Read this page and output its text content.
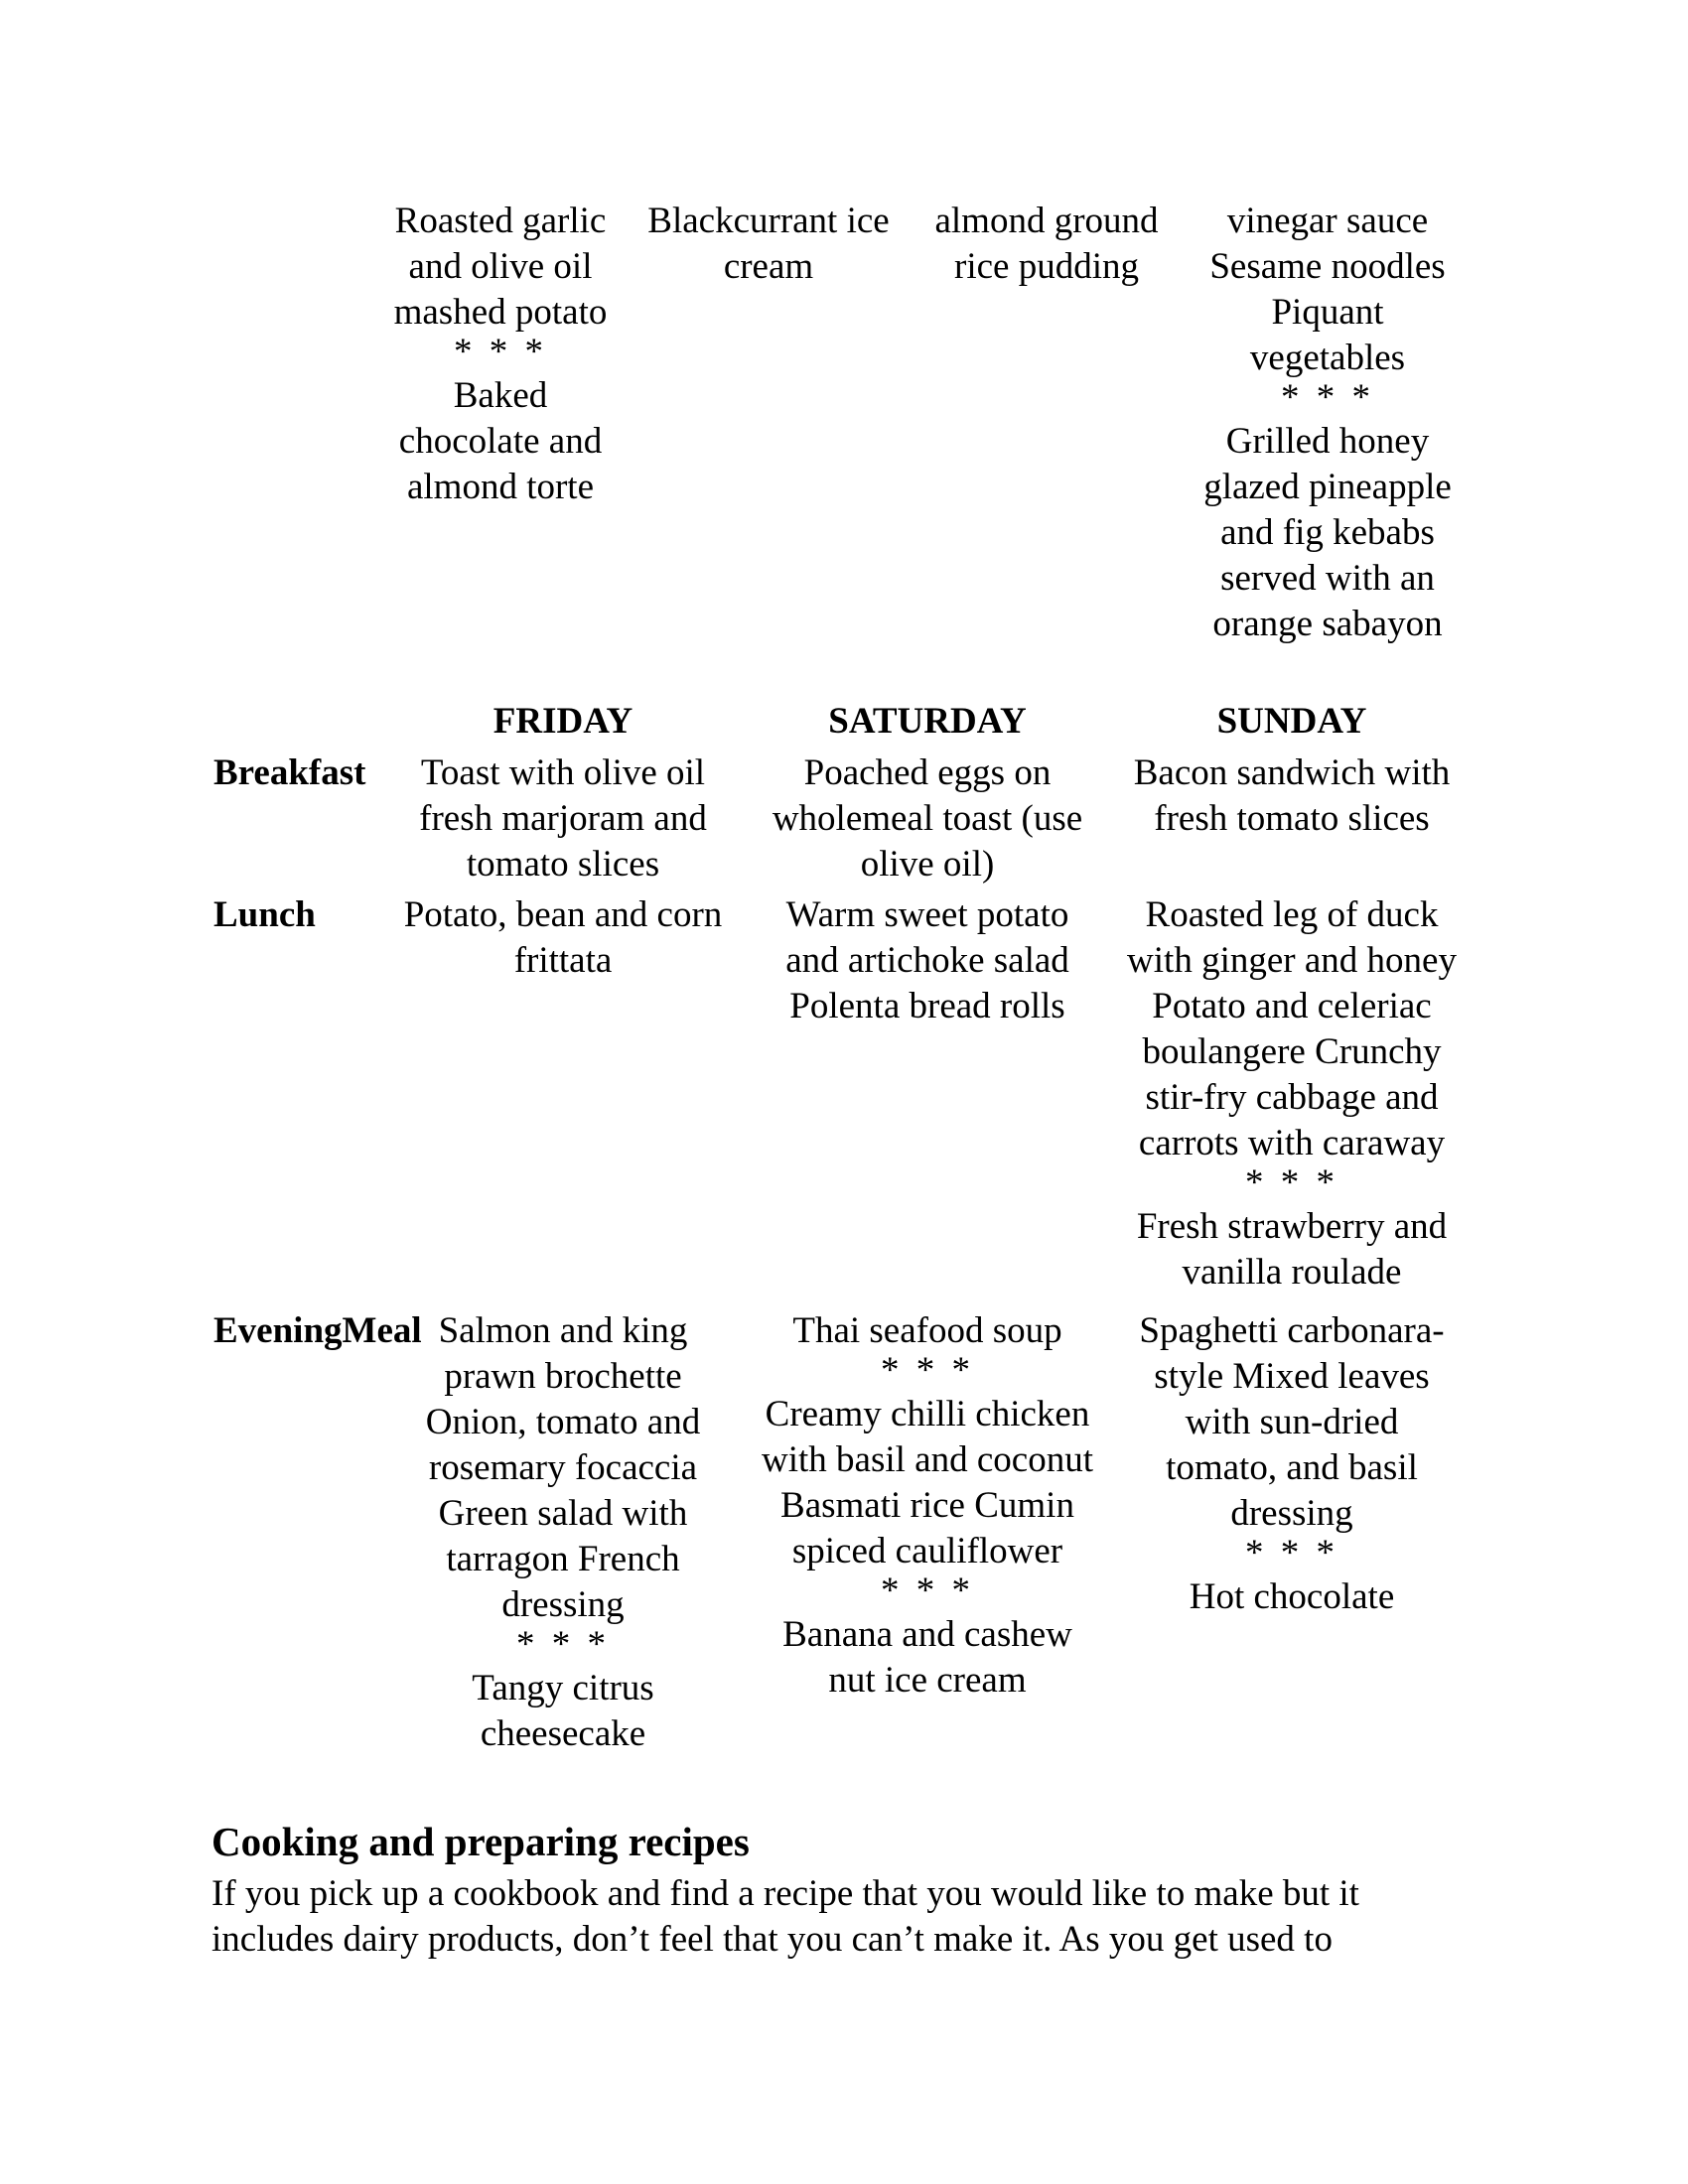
Roasted garlic
and olive oil
mashed potato
* * *
Baked
chocolate and
almond torte
Blackcurrant ice
cream
almond ground
rice pudding
vinegar sauce
Sesame noodles
Piquant
vegetables
* * *
Grilled honey
glazed pineapple
and fig kebabs
served with an
orange sabayon
FRIDAY	SATURDAY	SUNDAY
Breakfast
Lunch
EveningMeal
Toast with olive oil
fresh marjoram and
tomato slices
Poached eggs on
wholemeal toast (use
olive oil)
Bacon sandwich with
fresh tomato slices
Potato, bean and corn
frittata
Warm sweet potato
and artichoke salad
Polenta bread rolls
Roasted leg of duck
with ginger and honey
Potato and celeriac
boulangere Crunchy
stir-fry cabbage and
carrots with caraway
* * *
Fresh strawberry and
vanilla roulade
Salmon and king
prawn brochette
Onion, tomato and
rosemary focaccia
Green salad with
tarragon French
dressing
* * *
Tangy citrus
cheesecake
Thai seafood soup
* * *
Creamy chilli chicken
with basil and coconut
Basmati rice Cumin
spiced cauliflower
* * *
Banana and cashew
nut ice cream
Spaghetti carbonara-
style Mixed leaves
with sun-dried
tomato, and basil
dressing
* * *
Hot chocolate
Cooking and preparing recipes
If you pick up a cookbook and find a recipe that you would like to make but it
includes dairy products, don’t feel that you can’t make it. As you get used to
